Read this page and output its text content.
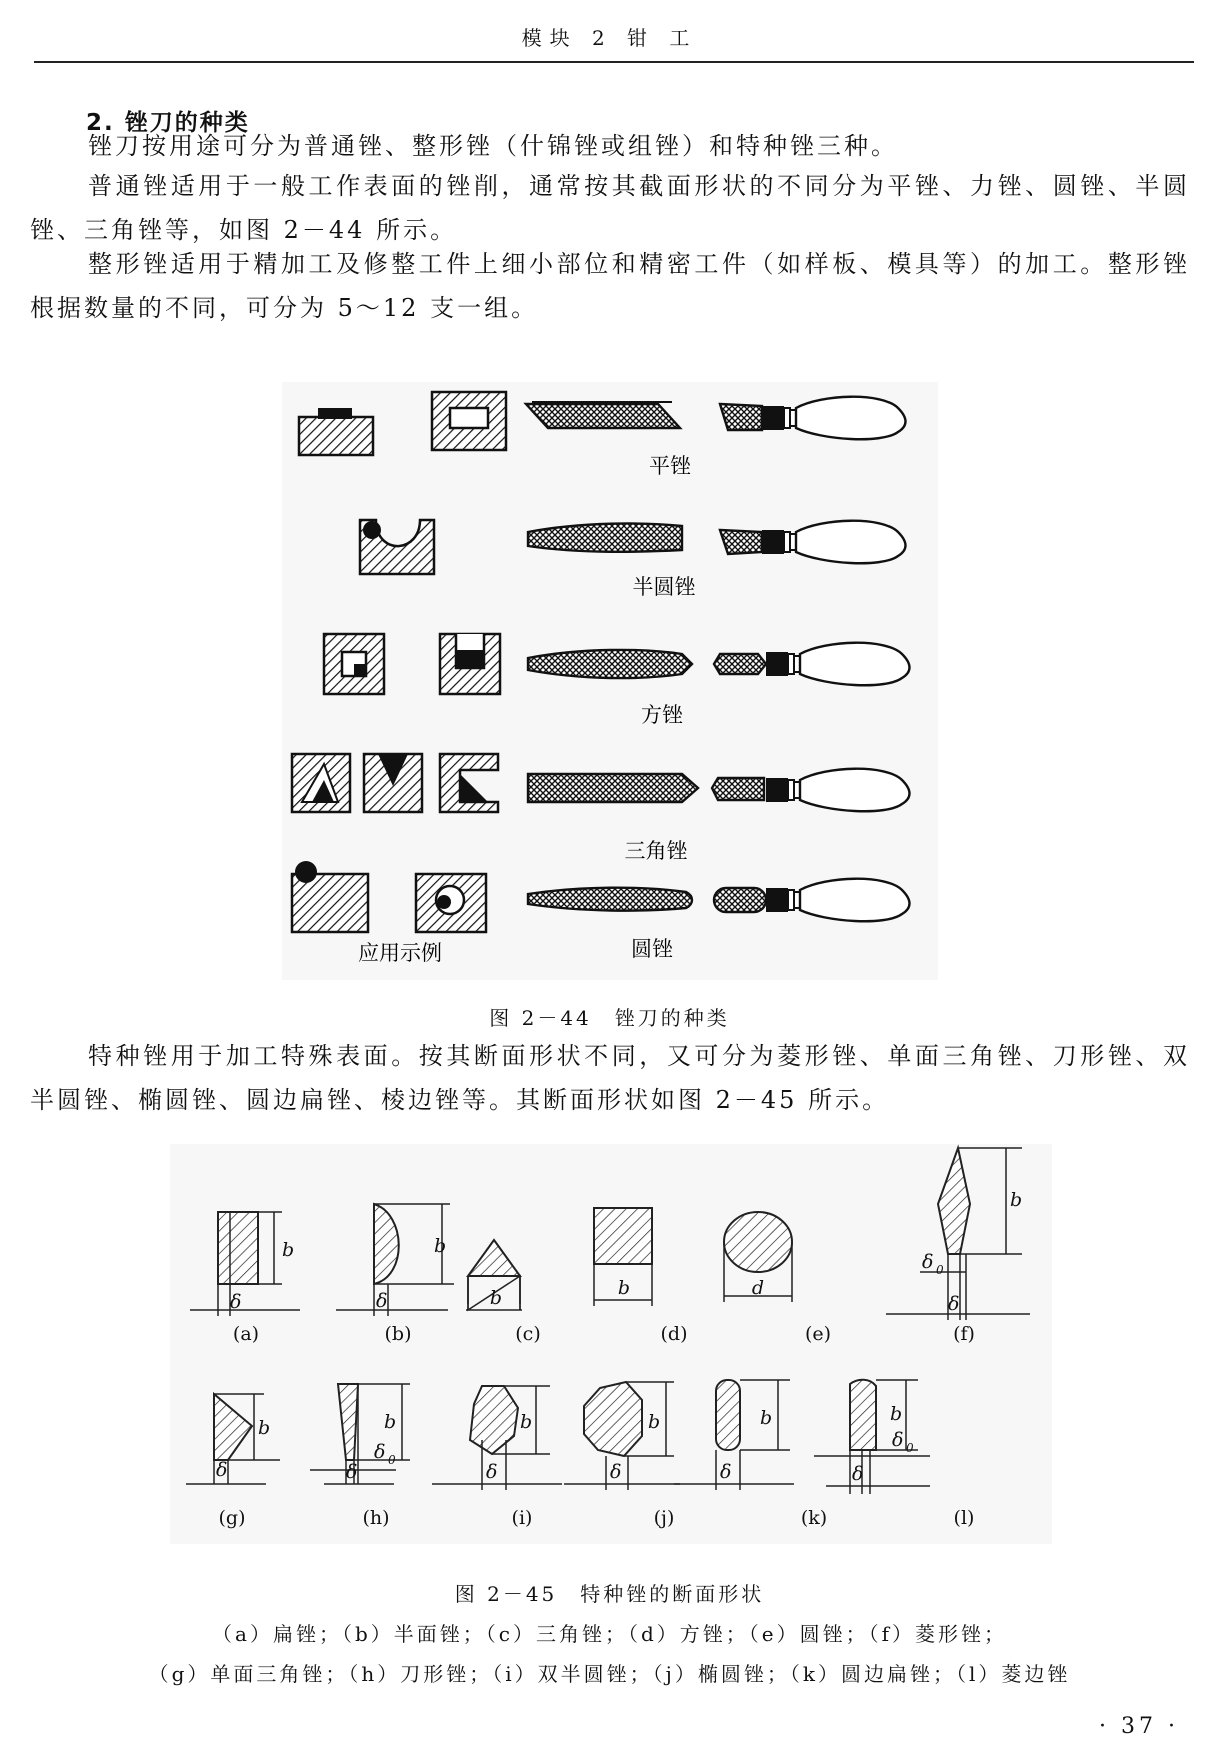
模块 2 钳 工
2. 锉刀的种类

锉刀按用途可分为普通锉、整形锉（什锦锉或组锉）和特种锉三种。

普通锉适用于一般工作表面的锉削，通常按其截面形状的不同分为平锉、力锉、圆锉、半圆锉、三角锉等，如图 2－44 所示。

整形锉适用于精加工及修整工件上细小部位和精密工件（如样板、模具等）的加工。整形锉根据数量的不同，可分为 5～12 支一组。

平锉
半圆锉
方锉
三角锉
圆锉
应用示例
图 2－44　锉刀的种类

特种锉用于加工特殊表面。按其断面形状不同，又可分为菱形锉、单面三角锉、刀形锉、双半圆锉、椭圆锉、圆边扁锉、棱边锉等。其断面形状如图 2－45 所示。

b
δ
b
δ	b	b	d
b
δ 0
δ
b
δ
b
δ 0
δ
b
δ
b
δ
b
δ
b
δ 0
δ
(a)	(b)	(c)	(d)	(e)	(f)
(g)	(h)	(i)	(j)	(k)	(l)
图 2－45　特种锉的断面形状
（a）扁锉；（b）半面锉；（c）三角锉；（d）方锉；（e）圆锉；（f）菱形锉；
（g）单面三角锉；（h）刀形锉；（i）双半圆锉；（j）椭圆锉；（k）圆边扁锉；（l）菱边锉
· 37 ·
